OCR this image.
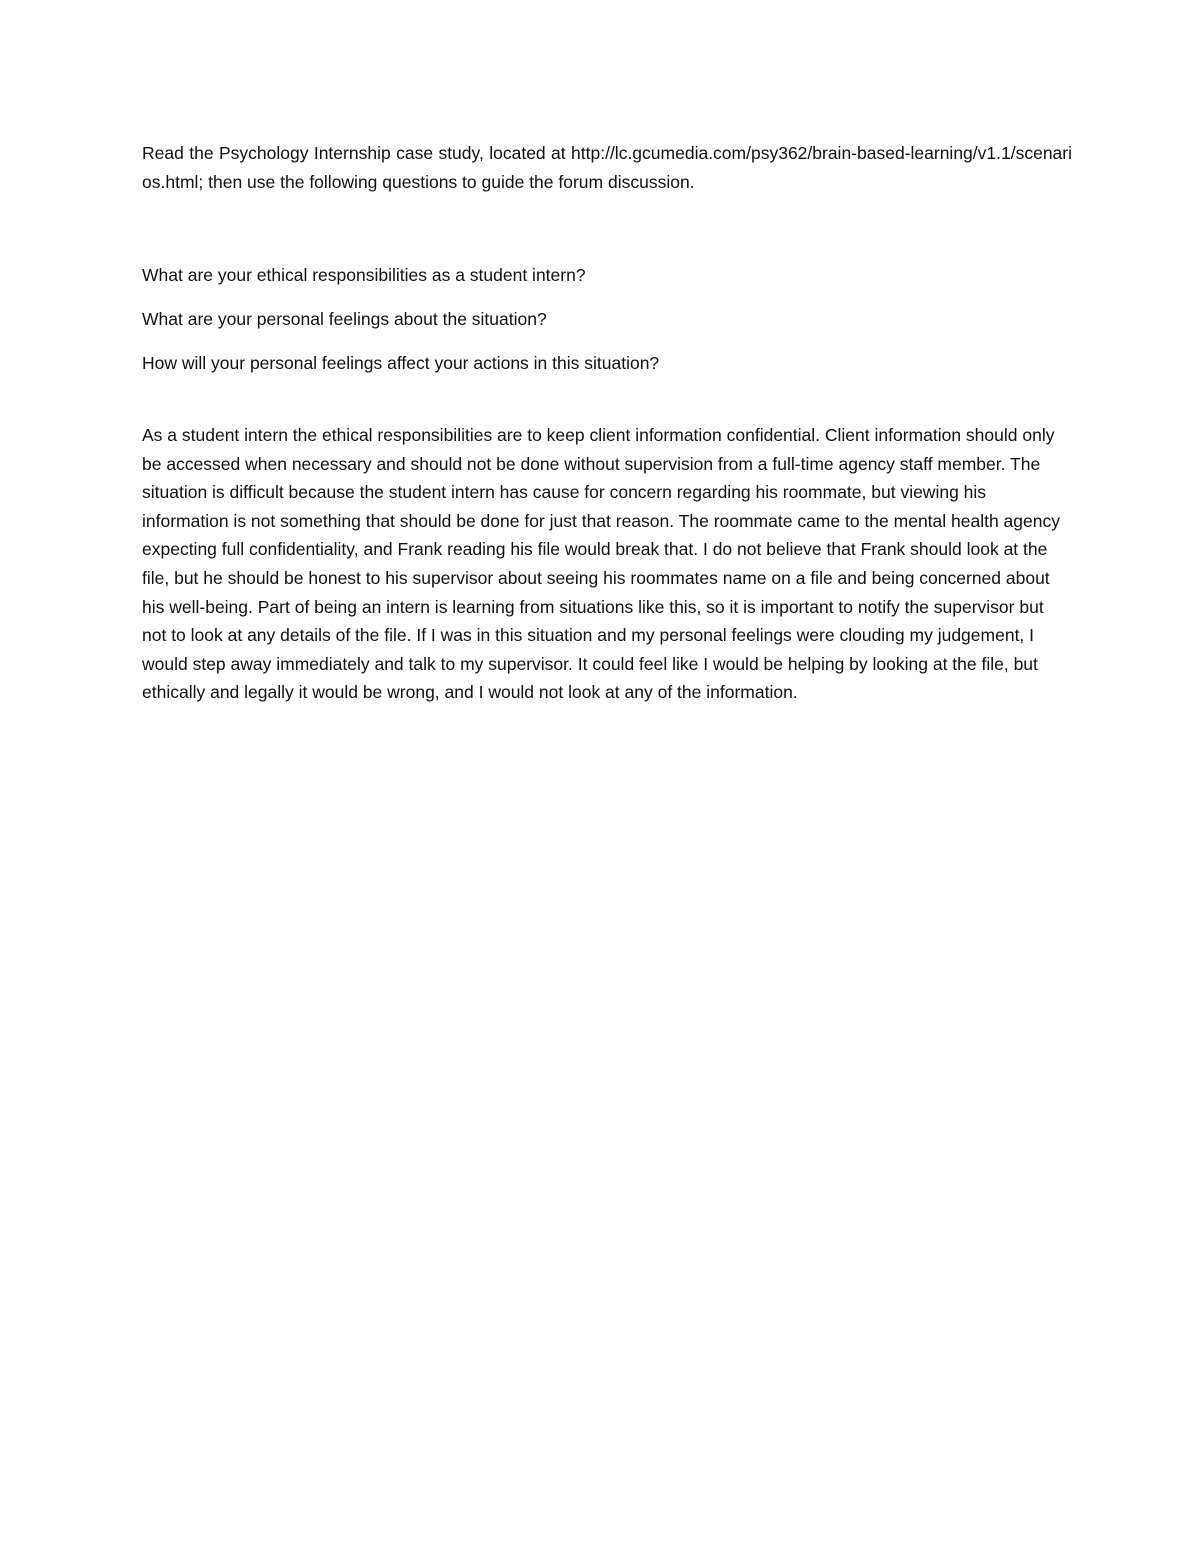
Read the Psychology Internship case study, located at http://lc.gcumedia.com/psy362/brain-based-learning/v1.1/scenarios.html; then use the following questions to guide the forum discussion.

What are your ethical responsibilities as a student intern?
What are your personal feelings about the situation?
How will your personal feelings affect your actions in this situation?

As a student intern the ethical responsibilities are to keep client information confidential. Client information should only be accessed when necessary and should not be done without supervision from a full-time agency staff member. The situation is difficult because the student intern has cause for concern regarding his roommate, but viewing his information is not something that should be done for just that reason. The roommate came to the mental health agency expecting full confidentiality, and Frank reading his file would break that. I do not believe that Frank should look at the file, but he should be honest to his supervisor about seeing his roommates name on a file and being concerned about his well-being. Part of being an intern is learning from situations like this, so it is important to notify the supervisor but not to look at any details of the file. If I was in this situation and my personal feelings were clouding my judgement, I would step away immediately and talk to my supervisor. It could feel like I would be helping by looking at the file, but ethically and legally it would be wrong, and I would not look at any of the information.
